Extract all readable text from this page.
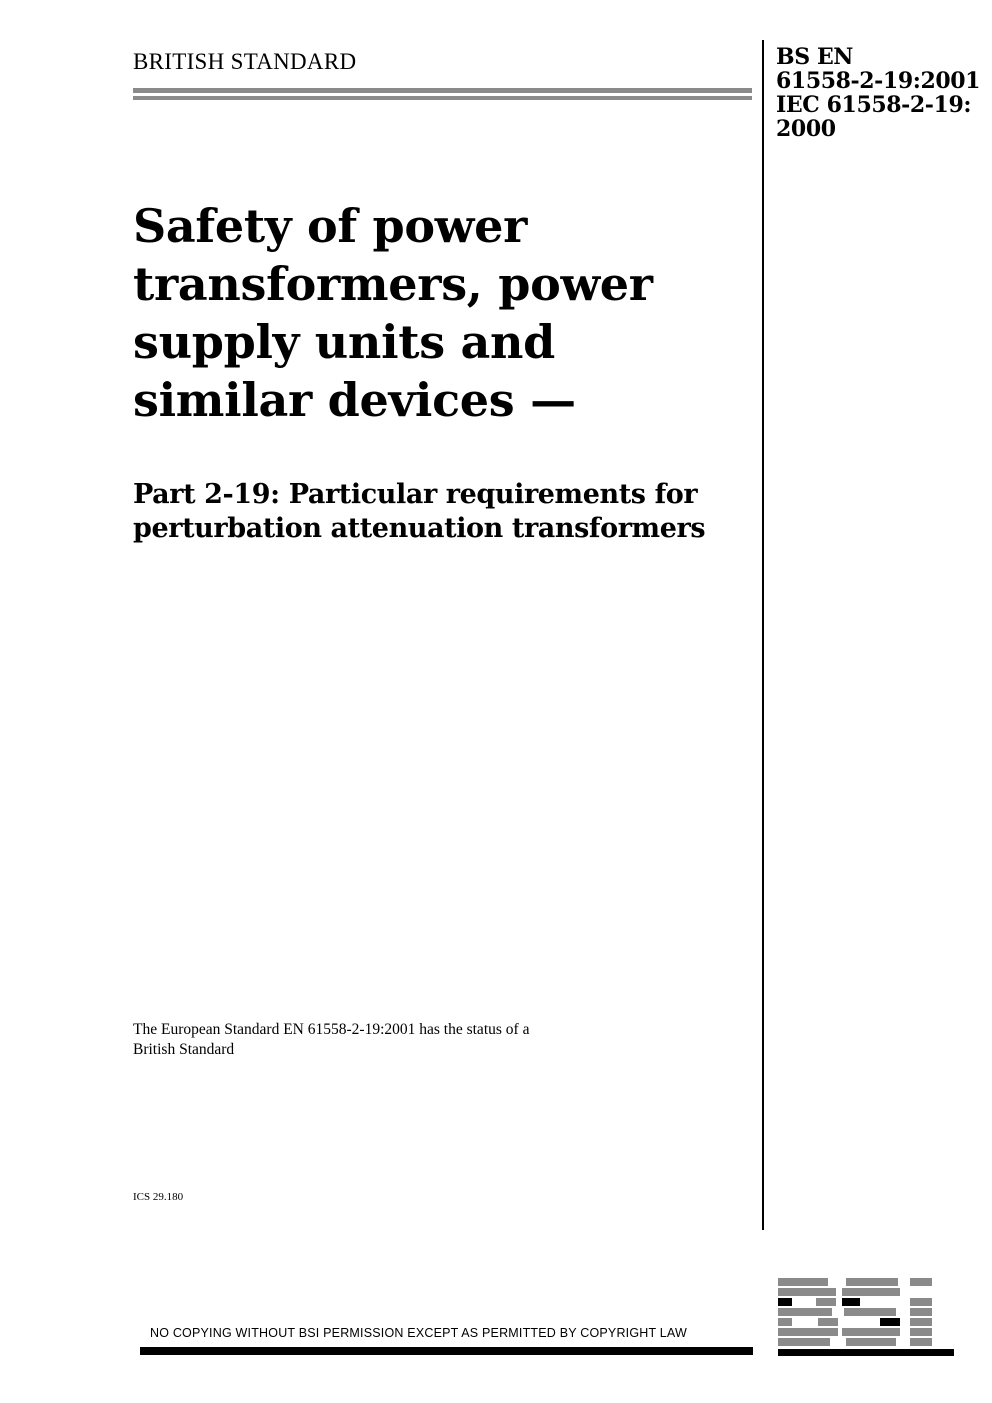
BRITISH STANDARD	BS EN
61558-2-19:2001
IEC 61558-2-19:
2000
Safety of power
transformers, power
supply units and
similar devices —
Part 2-19: Particular requirements for
perturbation attenuation transformers
The European Standard EN 61558-2-19:2001 has the status of a
British Standard
ICS 29.180
NO COPYING WITHOUT BSI PERMISSION EXCEPT AS PERMITTED BY COPYRIGHT LAW
